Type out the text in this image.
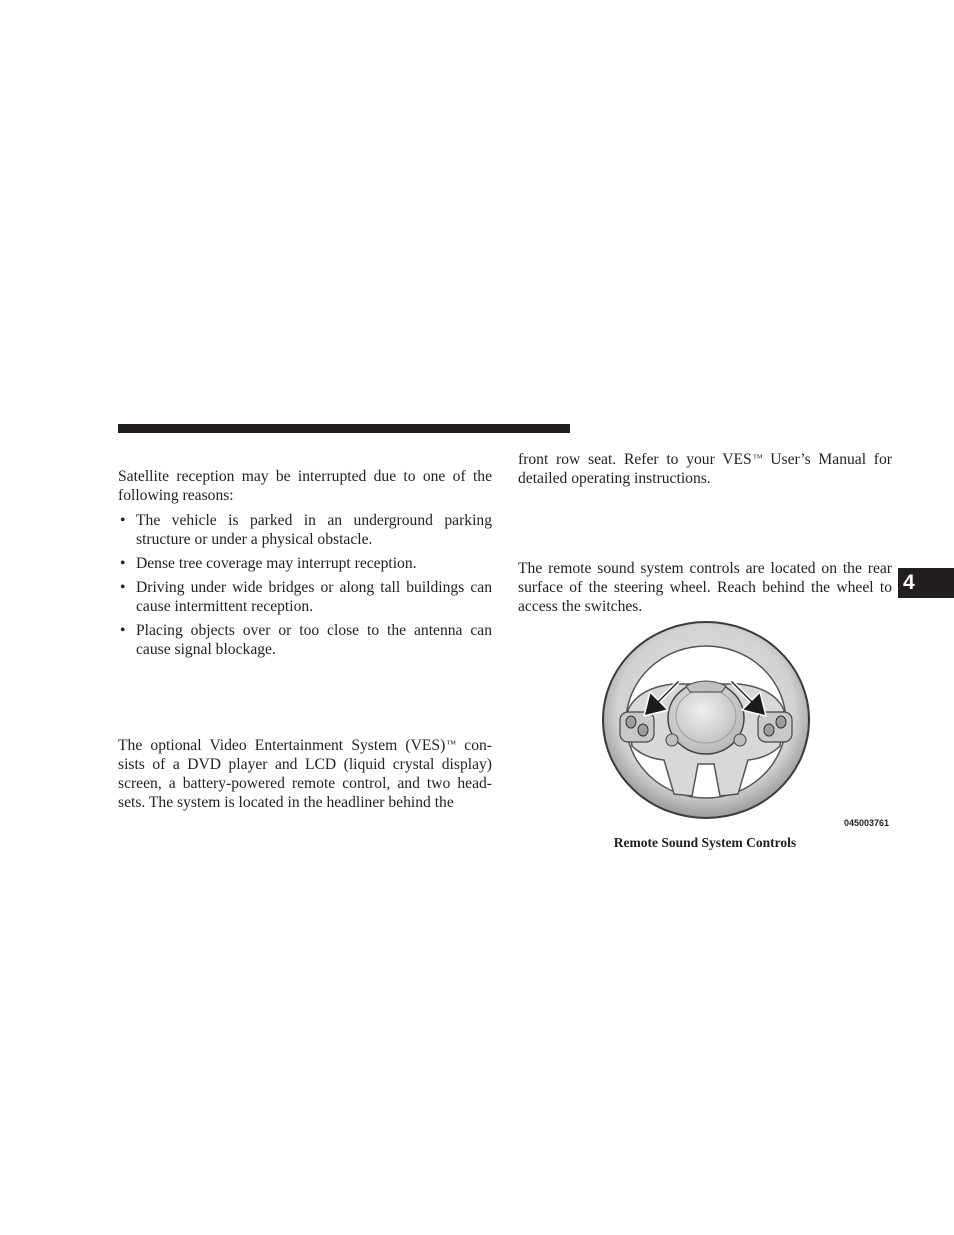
Satellite reception may be interrupted due to one of the following reasons:

• The vehicle is parked in an underground parking structure or under a physical obstacle.
• Dense tree coverage may interrupt reception.
• Driving under wide bridges or along tall buildings can cause intermittent reception.
• Placing objects over or too close to the antenna can cause signal blockage.

The optional Video Entertainment System (VES)™ con- sists of a DVD player and LCD (liquid crystal display) screen, a battery-powered remote control, and two head- sets. The system is located in the headliner behind the

front row seat. Refer to your VES™ User’s Manual for detailed operating instructions.

The remote sound system controls are located on the rear surface of the steering wheel. Reach behind the wheel to access the switches.

045003761
Remote Sound System Controls
4
